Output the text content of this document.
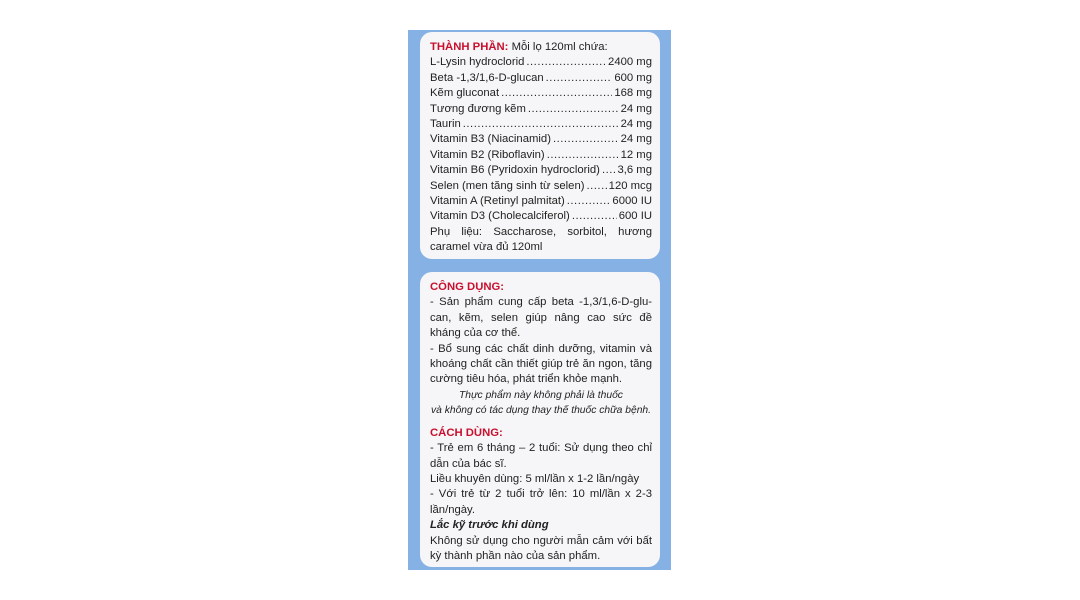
THÀNH PHẦN: Mỗi lọ 120ml chứa:
L-Lysin hydroclorid .....	2400 mg
Beta -1,3/1,6-D-glucan .....	600 mg
Kẽm gluconat .....	168 mg
Tương đương kẽm .....	24 mg
Taurin .....	24 mg
Vitamin B3 (Niacinamid) .....	24 mg
Vitamin B2 (Riboflavin) .....	12 mg
Vitamin B6 (Pyridoxin hydroclorid) ..... 3,6 mg
Selen (men tăng sinh từ selen) ..... 120 mcg
Vitamin A (Retinyl palmitat) .....	6000 IU
Vitamin D3 (Cholecalciferol) .....	600 IU
Phụ liệu: Saccharose, sorbitol, hương
caramel vừa đủ 120ml
CÔNG DỤNG:
- Sản phẩm cung cấp beta -1,3/1,6-D-glu-can, kẽm, selen giúp nâng cao sức đề kháng của cơ thể.
- Bổ sung các chất dinh dưỡng, vitamin và khoáng chất cần thiết giúp trẻ ăn ngon, tăng cường tiêu hóa, phát triển khỏe mạnh.
Thực phẩm này không phải là thuốc
và không có tác dụng thay thế thuốc chữa bệnh.
CÁCH DÙNG:
- Trẻ em 6 tháng – 2 tuổi: Sử dụng theo chỉ dẫn của bác sĩ.
Liều khuyên dùng: 5 ml/lần x 1-2 lần/ngày
- Với trẻ từ 2 tuổi trở lên: 10 ml/lần x 2-3 lần/ngày.
Lắc kỹ trước khi dùng
Không sử dụng cho người mẫn cảm với bất kỳ thành phần nào của sản phẩm.
